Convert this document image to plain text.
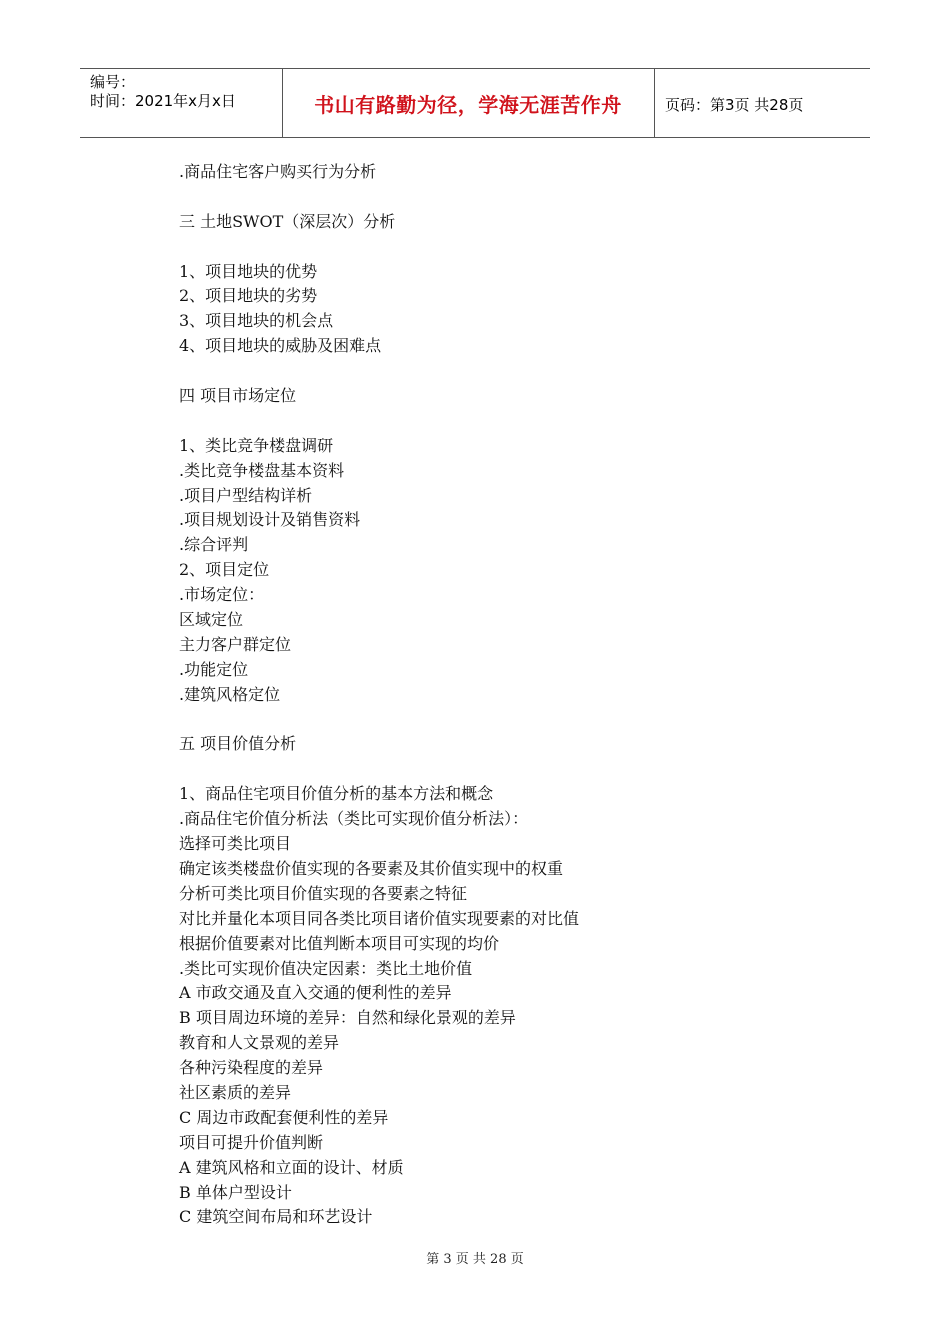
编号：
时间：2021年x月x日	书山有路勤为径，学海无涯苦作舟	页码：第3页 共28页
.商品住宅客户购买行为分析
三 土地SWOT（深层次）分析
1、项目地块的优势
2、项目地块的劣势
3、项目地块的机会点
4、项目地块的威胁及困难点
四 项目市场定位
1、类比竞争楼盘调研
.类比竞争楼盘基本资料
.项目户型结构详析
.项目规划设计及销售资料
.综合评判
2、项目定位
.市场定位：
区域定位
主力客户群定位
.功能定位
.建筑风格定位
五 项目价值分析
1、商品住宅项目价值分析的基本方法和概念
.商品住宅价值分析法（类比可实现价值分析法）：
选择可类比项目
确定该类楼盘价值实现的各要素及其价值实现中的权重
分析可类比项目价值实现的各要素之特征
对比并量化本项目同各类比项目诸价值实现要素的对比值
根据价值要素对比值判断本项目可实现的均价
.类比可实现价值决定因素：类比土地价值
A 市政交通及直入交通的便利性的差异
B 项目周边环境的差异：自然和绿化景观的差异
教育和人文景观的差异
各种污染程度的差异
社区素质的差异
C 周边市政配套便利性的差异
项目可提升价值判断
A 建筑风格和立面的设计、材质
B 单体户型设计
C 建筑空间布局和环艺设计
第 3 页 共 28 页
